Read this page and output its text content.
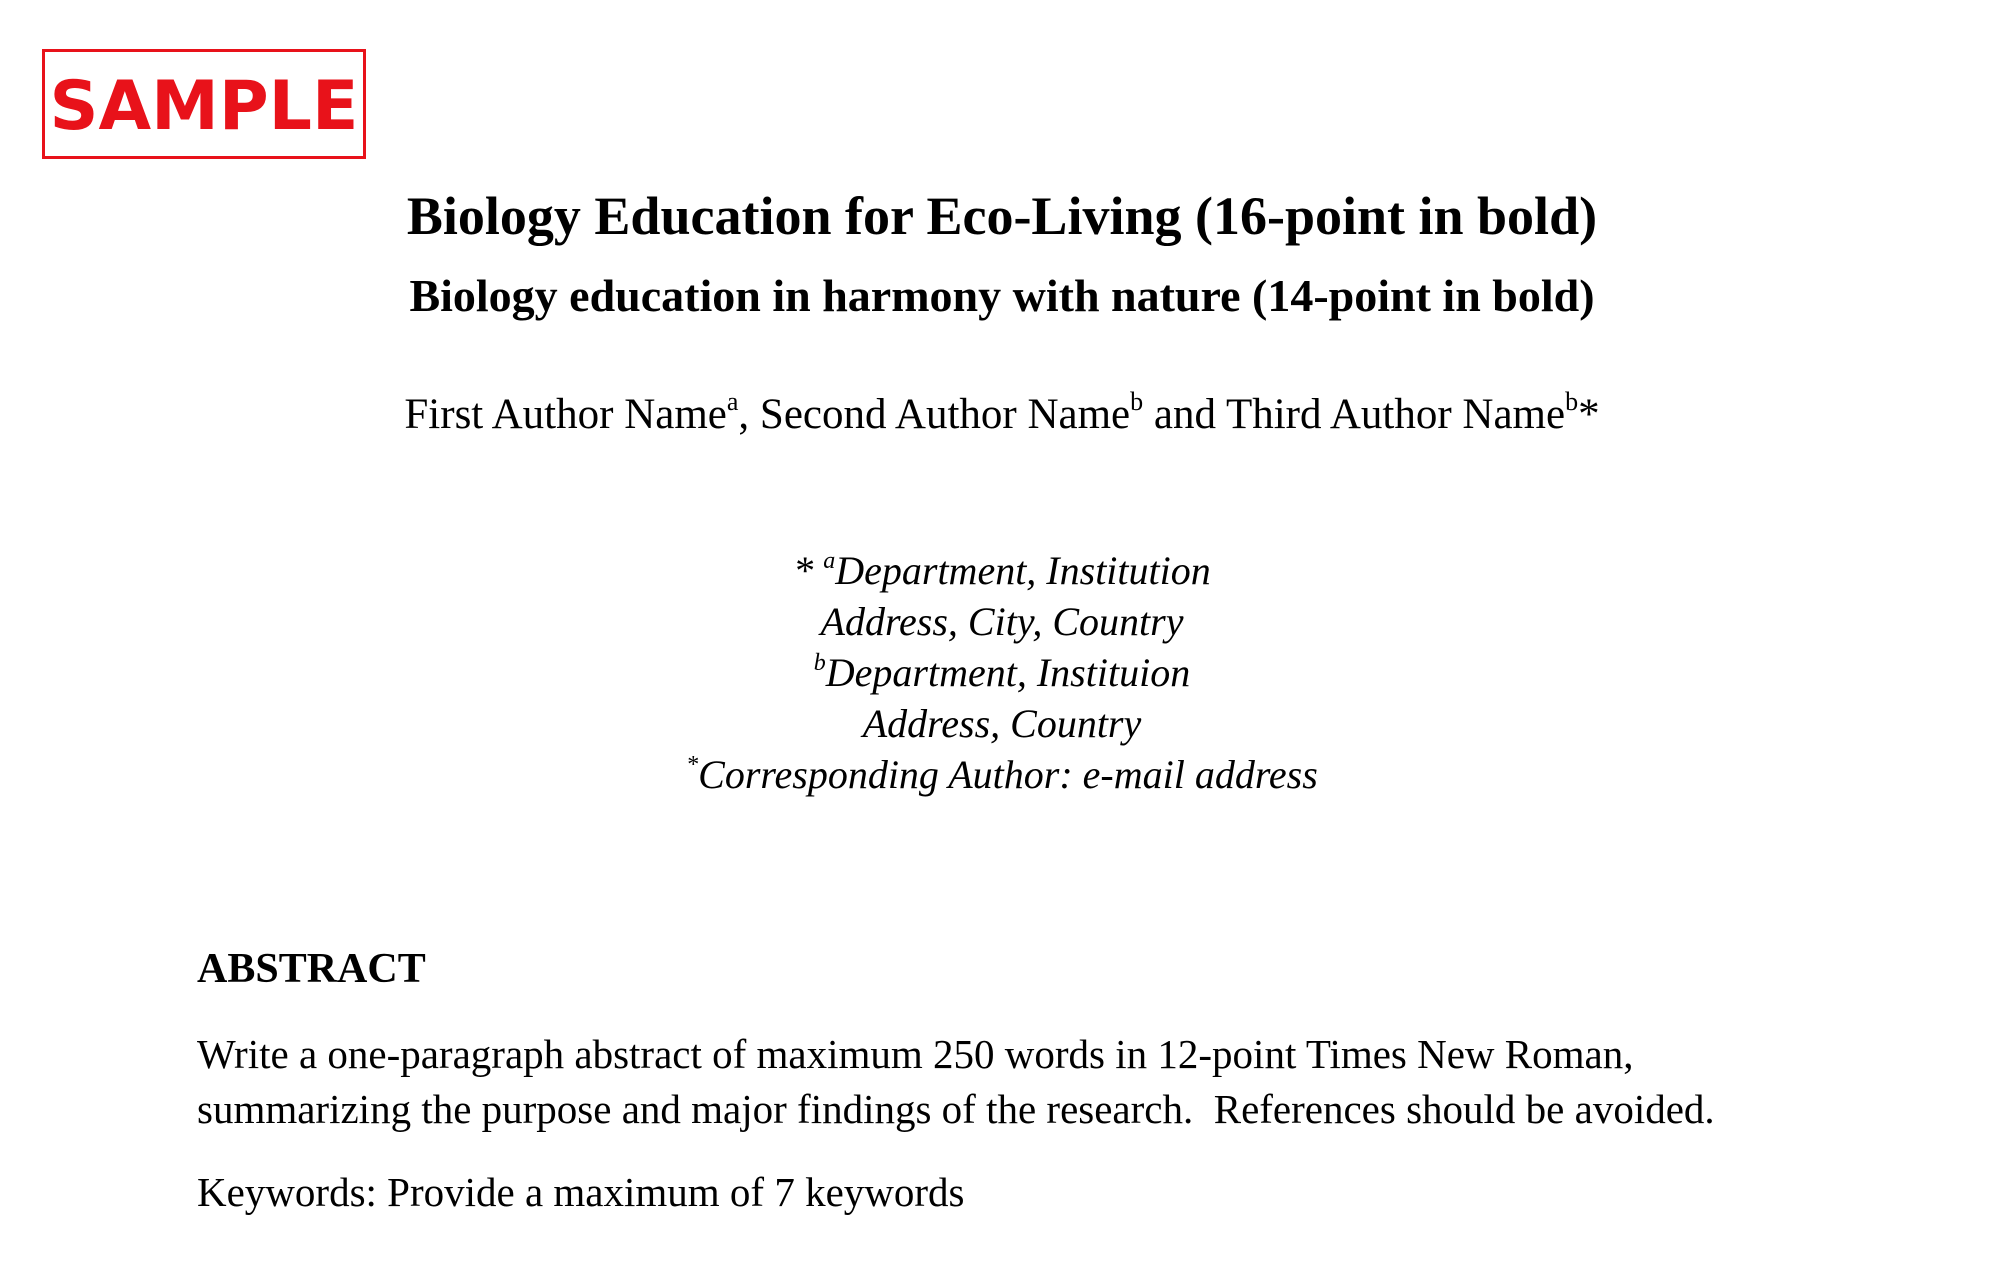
SAMPLE
Biology Education for Eco-Living (16-point in bold)
Biology education in harmony with nature (14-point in bold)
First Author Name$^a$, Second Author Name$^b$ and Third Author Name$^b$*
* $^a$Department, Institution
Address, City, Country
$^b$Department, Instituion
Address, Country
*Corresponding Author: e-mail address
ABSTRACT
Write a one-paragraph abstract of maximum 250 words in 12-point Times New Roman,
summarizing the purpose and major findings of the research.  References should be avoided.
Keywords: Provide a maximum of 7 keywords
